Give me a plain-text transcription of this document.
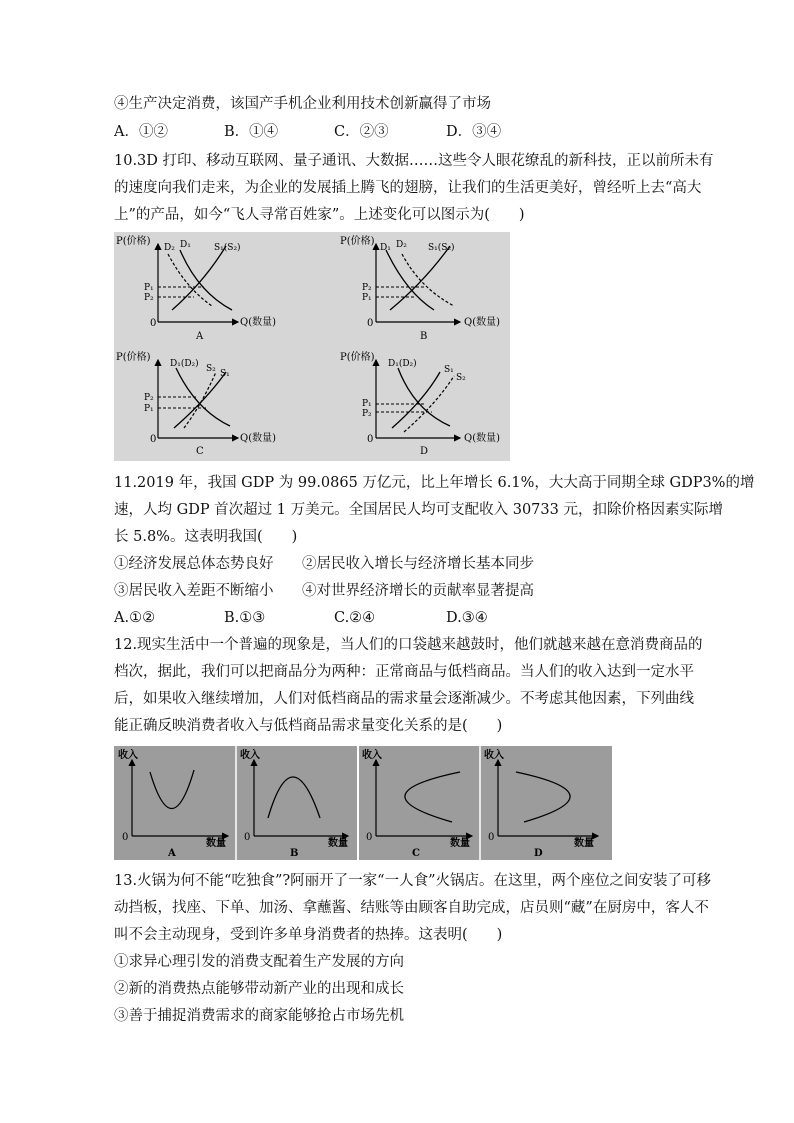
④生产决定消费，该国产手机企业利用技术创新赢得了市场
A．①②	B．①④	C．②③	D．③④
10.3D 打印、移动互联网、量子通讯、大数据……这些令人眼花缭乱的新科技，正以前所未有
的速度向我们走来，为企业的发展插上腾飞的翅膀，让我们的生活更美好，曾经听上去“高大
上”的产品，如今“飞人寻常百姓家”。上述变化可以图示为(　　)
P(价格)
Q(数量)
0
P₁
P₂
D₂ D₁	S₁(S₂)
A
P(价格)
Q(数量)
0
P₂
P₁
D₁ D₂ S₁(S₂)
B
P(价格)
Q(数量)
0
P₂
P₁
D₁(D₂) S₂ S₁
C
P(价格)
Q(数量)
0
P₁
P₂
D₁(D₂)
S₁
S₂
D
11.2019 年，我国 GDP 为 99.0865 万亿元，比上年增长 6.1%，大大高于同期全球 GDP3%的增
速，人均 GDP 首次超过 1 万美元。全国居民人均可支配收入 30733 元，扣除价格因素实际增
长 5.8%。这表明我国(　　)
①经济发展总体态势良好 ②居民收入增长与经济增长基本同步
③居民收入差距不断缩小 ④对世界经济增长的贡献率显著提高
A.①②	B.①③	C.②④	D.③④
12.现实生活中一个普遍的现象是，当人们的口袋越来越鼓时，他们就越来越在意消费商品的
档次，据此，我们可以把商品分为两种：正常商品与低档商品。当人们的收入达到一定水平
后，如果收入继续增加，人们对低档商品的需求量会逐渐减少。不考虑其他因素，下列曲线
能正确反映消费者收入与低档商品需求量变化关系的是(　　)
收入
数量
0
A
收入
数量
0
B
收入
数量
0
C
收入
数量
0
D
13.火锅为何不能“吃独食”?阿丽开了一家“一人食”火锅店。在这里，两个座位之间安装了可移
动挡板，找座、下单、加汤、拿蘸酱、结账等由顾客自助完成，店员则“藏”在厨房中，客人不
叫不会主动现身，受到许多单身消费者的热捧。这表明(　　)
①求异心理引发的消费支配着生产发展的方向
②新的消费热点能够带动新产业的出现和成长
③善于捕捉消费需求的商家能够抢占市场先机
